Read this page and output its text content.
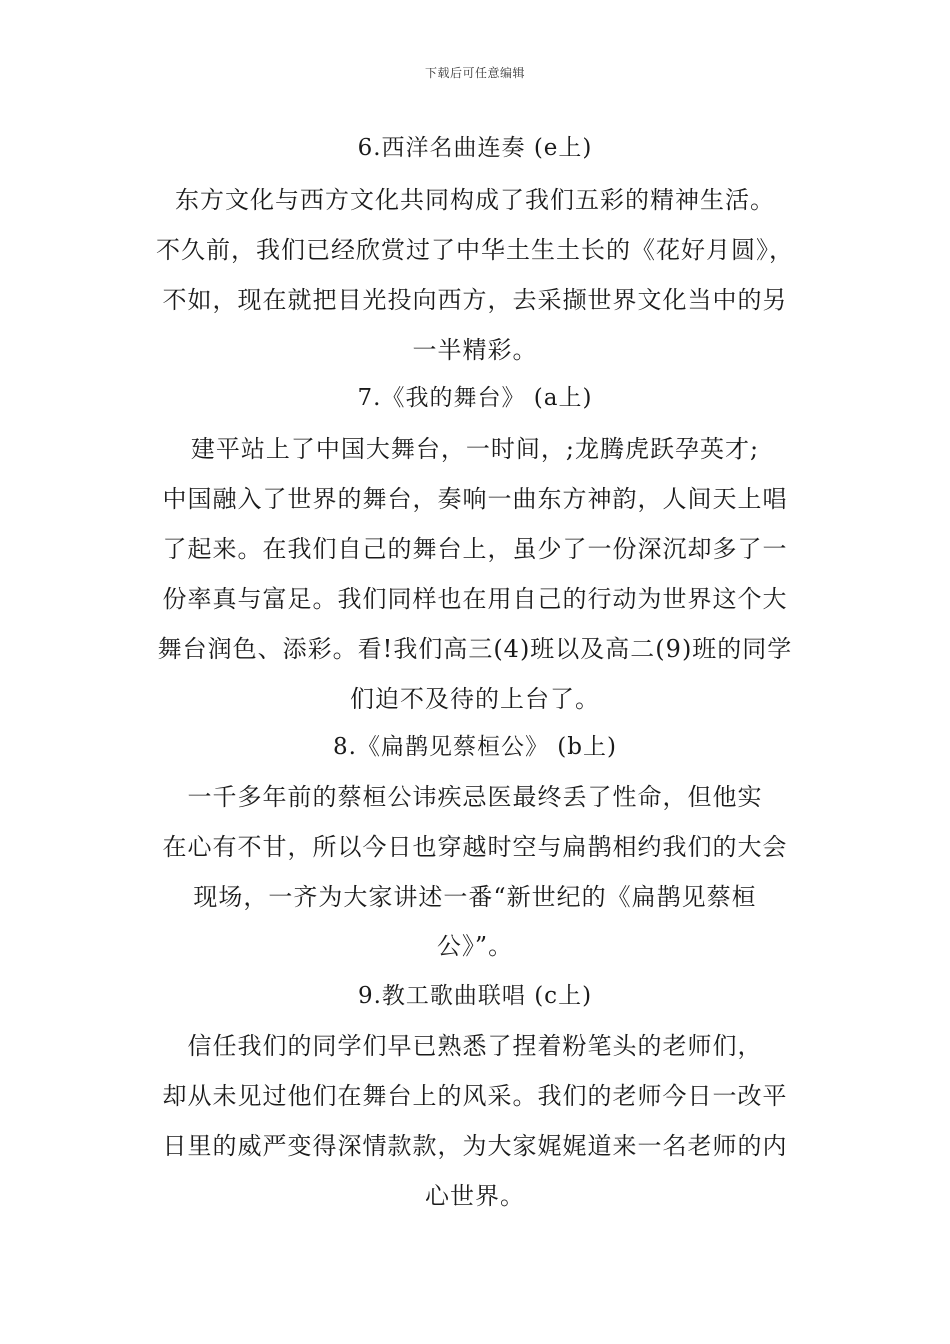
下载后可任意编辑
6.西洋名曲连奏 (e上)
东方文化与西方文化共同构成了我们五彩的精神生活。
不久前，我们已经欣赏过了中华土生土长的《花好月圆》，
不如，现在就把目光投向西方，去采撷世界文化当中的另
一半精彩。
7.《我的舞台》 (a上)
建平站上了中国大舞台，一时间，;龙腾虎跃孕英才;
中国融入了世界的舞台，奏响一曲东方神韵，人间天上唱
了起来。在我们自己的舞台上，虽少了一份深沉却多了一
份率真与富足。我们同样也在用自己的行动为世界这个大
舞台润色、添彩。看!我们高三(4)班以及高二(9)班的同学
们迫不及待的上台了。
8.《扁鹊见蔡桓公》 (b上)
一千多年前的蔡桓公讳疾忌医最终丢了性命，但他实
在心有不甘，所以今日也穿越时空与扁鹊相约我们的大会
现场，一齐为大家讲述一番“新世纪的《扁鹊见蔡桓
公》”。
9.教工歌曲联唱 (c上)
信任我们的同学们早已熟悉了捏着粉笔头的老师们，
却从未见过他们在舞台上的风采。我们的老师今日一改平
日里的威严变得深情款款，为大家娓娓道来一名老师的内
心世界。
